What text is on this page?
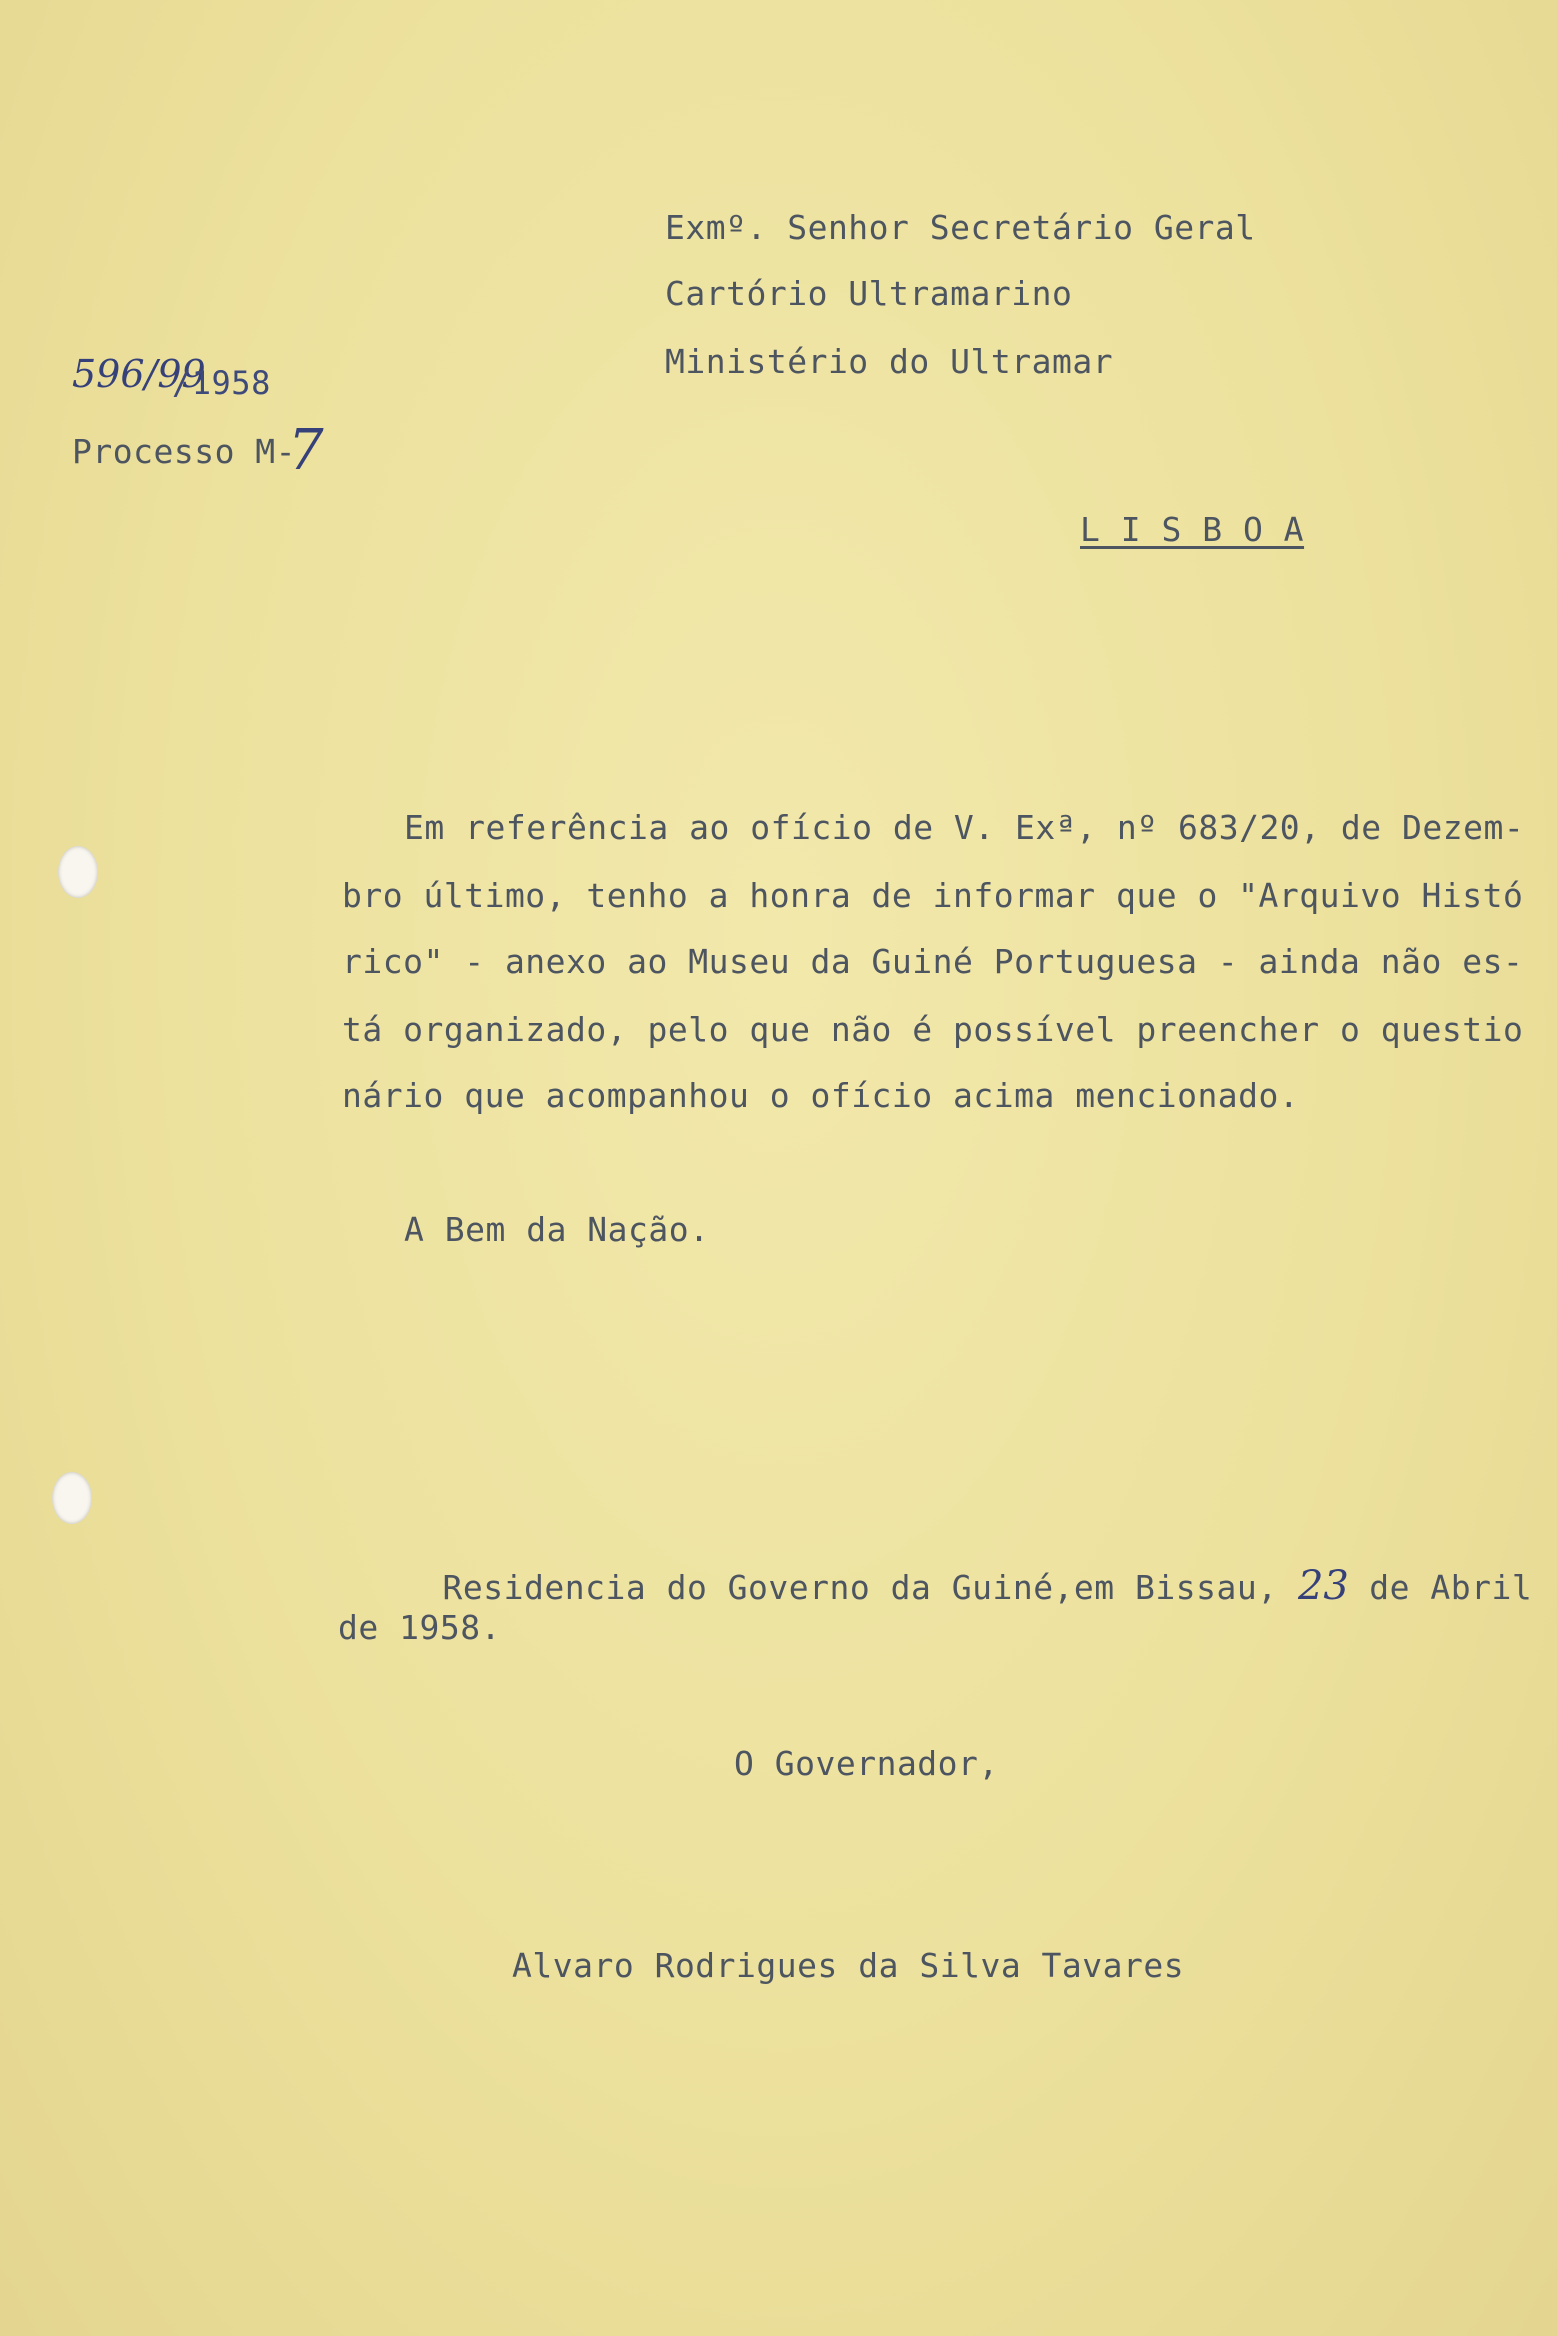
Exmº. Senhor Secretário Geral
Cartório Ultramarino
Ministério do Ultramar
596/99
/1958
Processo M-
7
L I S B O A
Em referência ao ofício de V. Exª, nº 683/20, de Dezem-
bro último, tenho a honra de informar que o "Arquivo Histó
rico" - anexo ao Museu da Guiné Portuguesa - ainda não es-
tá organizado, pelo que não é possível preencher o questio
nário que acompanhou o ofício acima mencionado.
A Bem da Nação.

Residencia do Governo da Guiné,em Bissau, 23 de Abril

de 1958.
O Governador,
Alvaro Rodrigues da Silva Tavares
